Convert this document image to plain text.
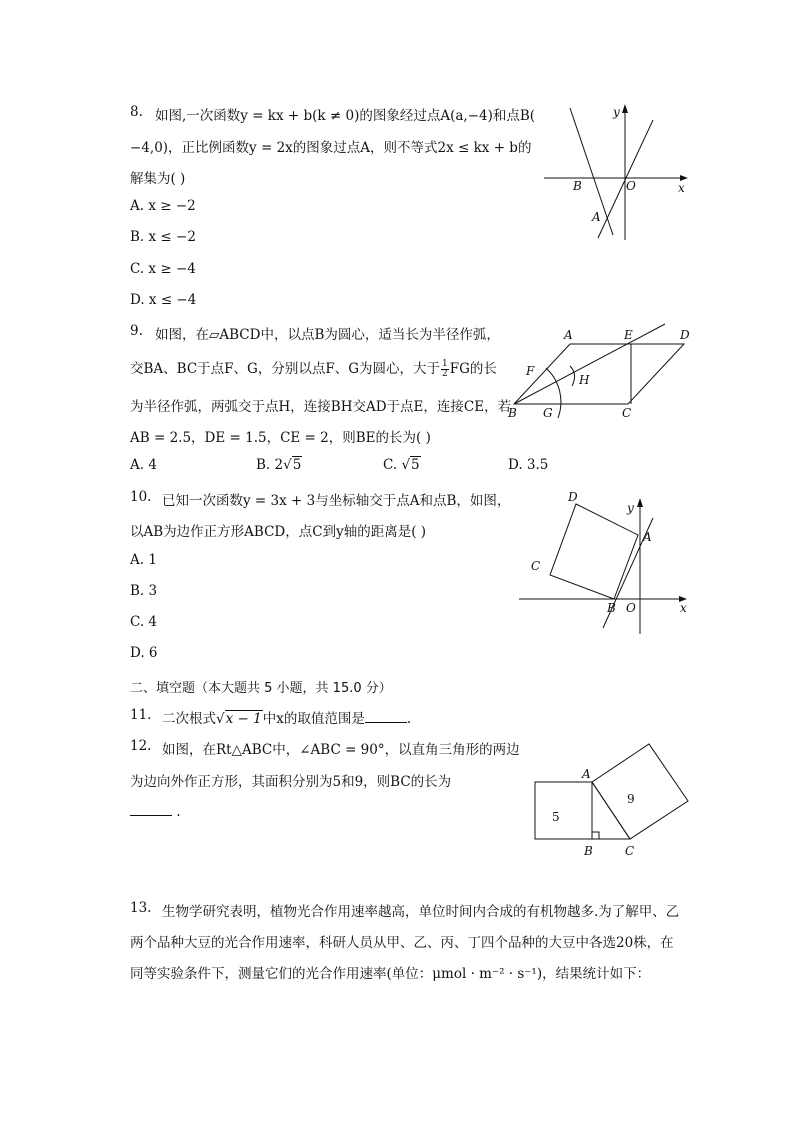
8. 如图,一次函数y = kx + b(k ≠ 0)的图象经过点A(a,−4)和点B(
−4,0)，正比例函数y = 2x的图象过点A，则不等式2x ≤ kx + b的
解集为( )
A. x ≥ −2
B. x ≤ −2
C. x ≥ −4
D. x ≤ −4
y
x
B	O
A
9. 如图，在▱ABCD中，以点B为圆心，适当长为半径作弧，
交BA、BC于点F、G，分别以点F、G为圆心，大于 $\frac{1}{2}$ FG的长
为半径作弧，两弧交于点H，连接BH交AD于点E，连接CE，若
AB = 2.5，DE = 1.5，CE = 2，则BE的长为( )
A. 4	B. 2√5	C. √5	D. 3.5
A	E	D
F
H
B G	C
10. 已知一次函数y = 3x + 3与坐标轴交于点A和点B，如图，
以AB为边作正方形ABCD，点C到y轴的距离是( )
A. 1
B. 3
C. 4
D. 6
D
y
A
C
B O	x
二、填空题（本大题共 5 小题，共 15.0 分）
11. 二次根式√x − 1中x的取值范围是	.
12. 如图，在Rt△ABC中，∠ABC = 90°，以直角三角形的两边
为边向外作正方形，其面积分别为5和9，则BC的长为
.
A
5
9
B	C
13. 生物学研究表明，植物光合作用速率越高，单位时间内合成的有机物越多.为了解甲、乙
两个品种大豆的光合作用速率，科研人员从甲、乙、丙、丁四个品种的大豆中各选20株，在
同等实验条件下，测量它们的光合作用速率(单位：μmol · m⁻² · s⁻¹)，结果统计如下：
